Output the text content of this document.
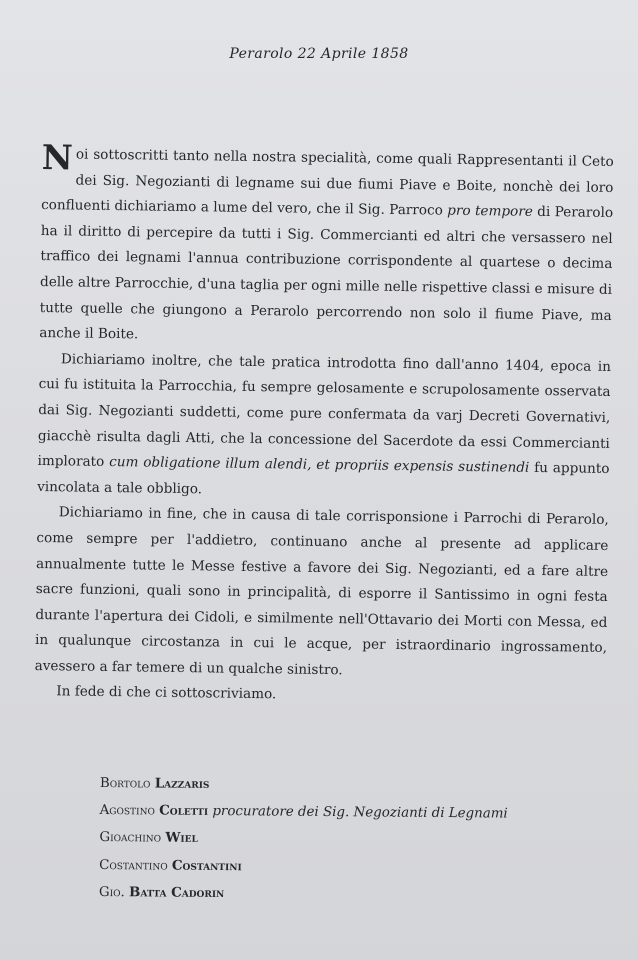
Perarolo 22 Aprile 1858

Noi sottoscritti tanto nella nostra specialità, come quali Rappresentanti il Ceto dei Sig. Negozianti di legname sui due fiumi Piave e Boite, nonchè dei loro confluenti dichiariamo a lume del vero, che il Sig. Parroco pro tempore di Perarolo ha il diritto di percepire da tutti i Sig. Commercianti ed altri che versassero nel traffico dei legnami l'annua contribuzione corrispondente al quartese o decima delle altre Parrocchie, d'una taglia per ogni mille nelle rispettive classi e misure di tutte quelle che giungono a Perarolo percorrendo non solo il fiume Piave, ma anche il Boite.

Dichiariamo inoltre, che tale pratica introdotta fino dall'anno 1404, epoca in cui fu istituita la Parrocchia, fu sempre gelosamente e scrupolosamente osservata dai Sig. Negozianti suddetti, come pure confermata da varj Decreti Governativi, giacchè risulta dagli Atti, che la concessione del Sacerdote da essi Commercianti implorato cum obligatione illum alendi, et propriis expensis sustinendi fu appunto vincolata a tale obbligo.

Dichiariamo in fine, che in causa di tale corrisponsione i Parrochi di Perarolo, come sempre per l'addietro, continuano anche al presente ad applicare annualmente tutte le Messe festive a favore dei Sig. Negozianti, ed a fare altre sacre funzioni, quali sono in principalità, di esporre il Santissimo in ogni festa durante l'apertura dei Cidoli, e similmente nell'Ottavario dei Morti con Messa, ed in qualunque circostanza in cui le acque, per istraordinario ingrossamento, avessero a far temere di un qualche sinistro.

In fede di che ci sottoscriviamo.

Bortolo Lazzaris
Agostino Coletti procuratore dei Sig. Negozianti di Legnami
Gioachino Wiel
Costantino Costantini
Gio. Batta Cadorin
